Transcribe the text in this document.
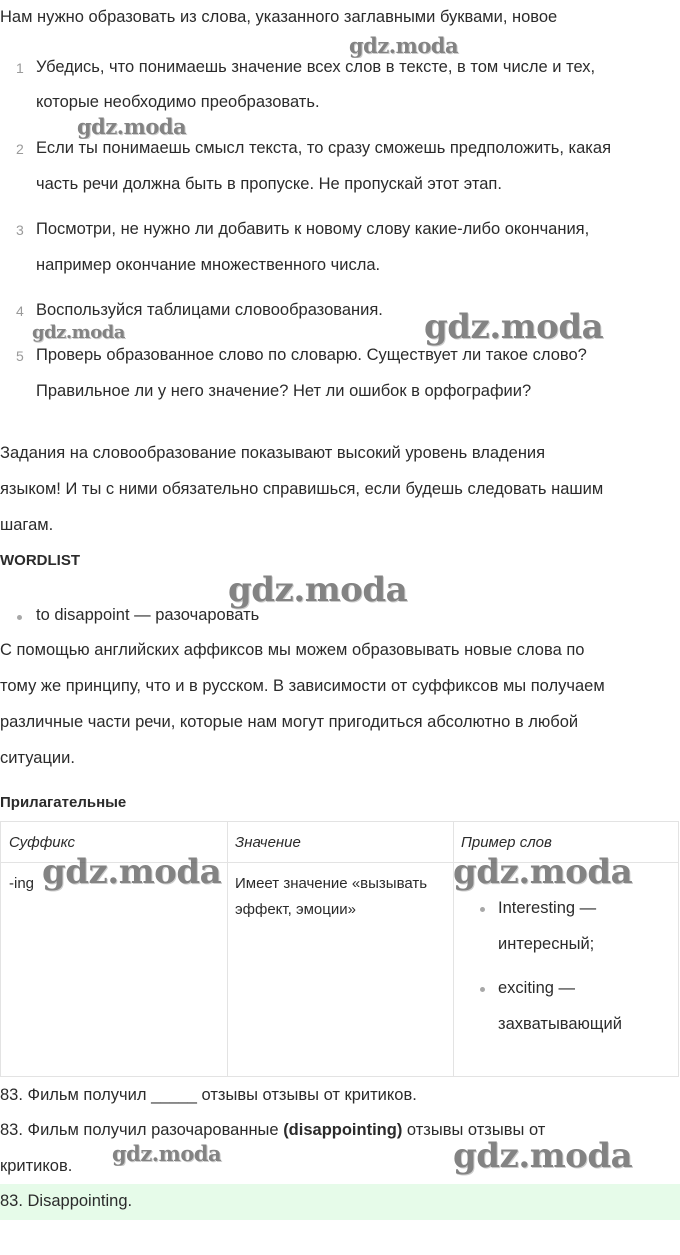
Нам нужно образовать из слова, указанного заглавными буквами, новое
1 Убедись, что понимаешь значение всех слов в тексте, в том числе и тех,
которые необходимо преобразовать.
2 Если ты понимаешь смысл текста, то сразу сможешь предположить, какая
часть речи должна быть в пропуске. Не пропускай этот этап.
3 Посмотри, не нужно ли добавить к новому слову какие-либо окончания,
например окончание множественного числа.
4 Воспользуйся таблицами словообразования.
5 Проверь образованное слово по словарю. Существует ли такое слово?
Правильное ли у него значение? Нет ли ошибок в орфографии?
Задания на словообразование показывают высокий уровень владения
языком! И ты с ними обязательно справишься, если будешь следовать нашим
шагам.
WORDLIST
to disappoint — разочаровать
С помощью английских аффиксов мы можем образовывать новые слова по
тому же принципу, что и в русском. В зависимости от суффиксов мы получаем
различные части речи, которые нам могут пригодиться абсолютно в любой
ситуации.
Прилагательные
Суффикс	Значение	Пример слов
-ing	Имеет значение «вызывать
эффект, эмоции»	Interesting —
интересный;
exciting —
захватывающий
83. Фильм получил _____ отзывы отзывы от критиков.
83. Фильм получил разочарованные (disappointing) отзывы отзывы от
критиков.
83. Disappointing.
gdz.moda
gdz.moda
gdz.moda	gdz.moda
gdz.moda
gdz.moda	gdz.moda
gdz.moda	gdz.moda
